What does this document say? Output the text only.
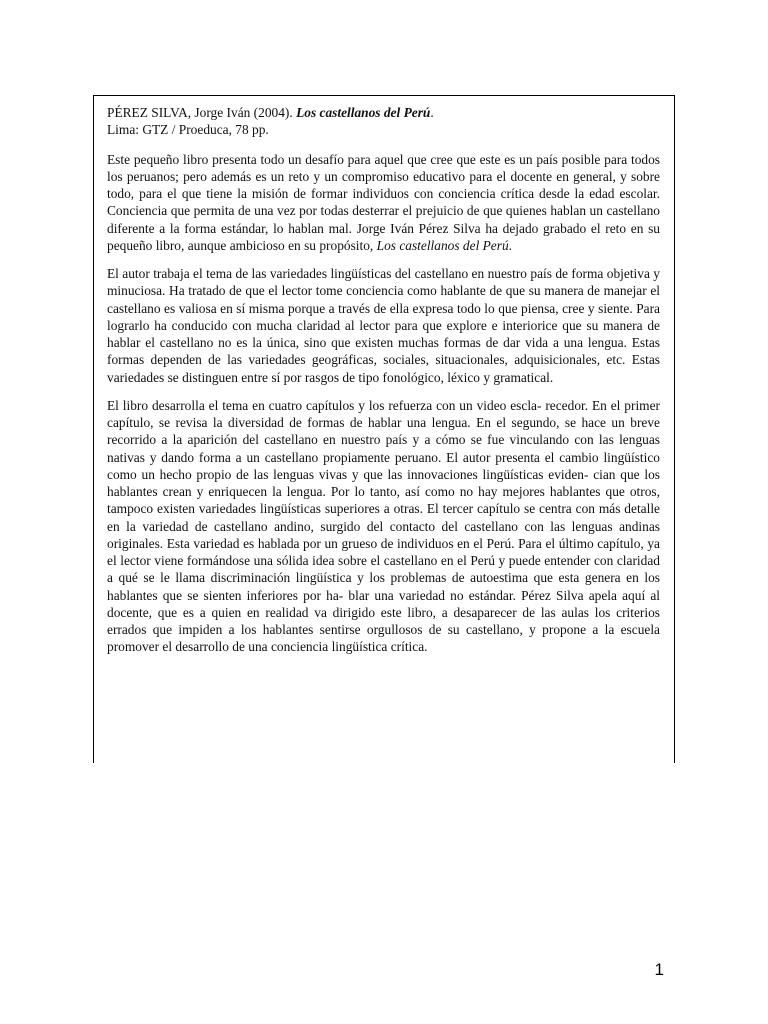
PÉREZ SILVA, Jorge Iván (2004). Los castellanos del Perú.
Lima: GTZ / Proeduca, 78 pp.

Este pequeño libro presenta todo un desafío para aquel que cree que este es un país posible para todos los peruanos; pero además es un reto y un compromiso educativo para el docente en general, y sobre todo, para el que tiene la misión de formar individuos con conciencia crítica desde la edad escolar. Conciencia que permita de una vez por todas desterrar el prejuicio de que quienes hablan un castellano diferente a la forma estándar, lo hablan mal. Jorge Iván Pérez Silva ha dejado grabado el reto en su pequeño libro, aunque ambicioso en su propósito, Los castellanos del Perú.

El autor trabaja el tema de las variedades lingüísticas del castellano en nuestro país de forma objetiva y minuciosa. Ha tratado de que el lector tome conciencia como hablante de que su manera de manejar el castellano es valiosa en sí misma porque a través de ella expresa todo lo que piensa, cree y siente. Para lograrlo ha conducido con mucha claridad al lector para que explore e interiorice que su manera de hablar el castellano no es la única, sino que existen muchas formas de dar vida a una lengua. Estas formas dependen de las variedades geográficas, sociales, situacionales, adquisicionales, etc. Estas variedades se distinguen entre sí por rasgos de tipo fonológico, léxico y gramatical.

El libro desarrolla el tema en cuatro capítulos y los refuerza con un video escla- recedor. En el primer capítulo, se revisa la diversidad de formas de hablar una lengua. En el segundo, se hace un breve recorrido a la aparición del castellano en nuestro país y a cómo se fue vinculando con las lenguas nativas y dando forma a un castellano propiamente peruano. El autor presenta el cambio lingüístico como un hecho propio de las lenguas vivas y que las innovaciones lingüísticas eviden- cian que los hablantes crean y enriquecen la lengua. Por lo tanto, así como no hay mejores hablantes que otros, tampoco existen variedades lingüísticas superiores a otras. El tercer capítulo se centra con más detalle en la variedad de castellano andino, surgido del contacto del castellano con las lenguas andinas originales. Esta variedad es hablada por un grueso de individuos en el Perú. Para el último capítulo, ya el lector viene formándose una sólida idea sobre el castellano en el Perú y puede entender con claridad a qué se le llama discriminación lingüística y los problemas de autoestima que esta genera en los hablantes que se sienten inferiores por ha- blar una variedad no estándar. Pérez Silva apela aquí al docente, que es a quien en realidad va dirigido este libro, a desaparecer de las aulas los criterios errados que impiden a los hablantes sentirse orgullosos de su castellano, y propone a la escuela promover el desarrollo de una conciencia lingüística crítica.

1
